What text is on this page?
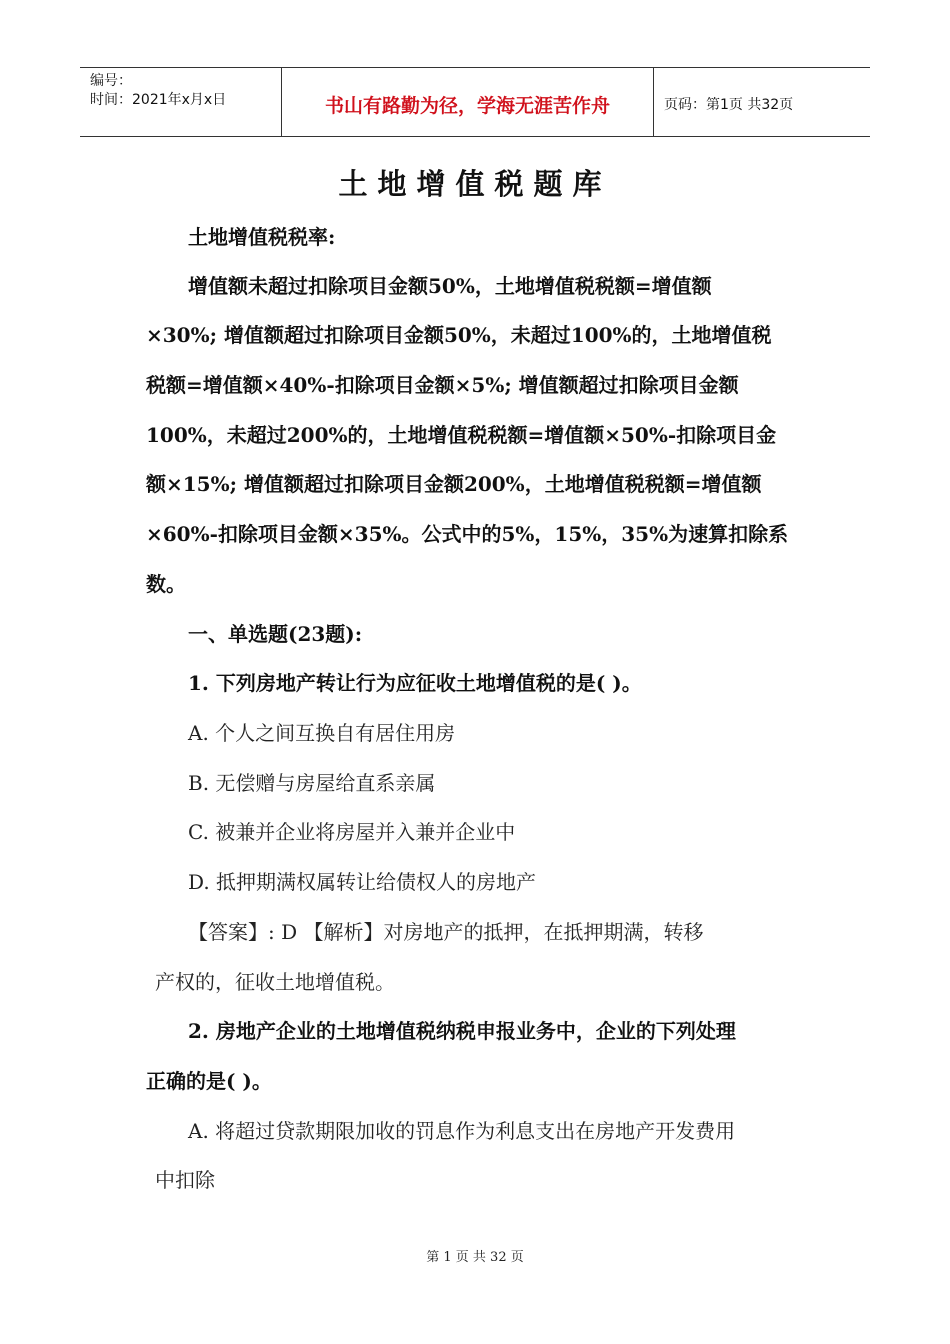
编号：
时间：2021年x月x日	书山有路勤为径，学海无涯苦作舟	页码：第1页 共32页
土地增值税题库
土地增值税税率:
增值额未超过扣除项目金额50%，土地增值税税额=增值额
×30%; 增值额超过扣除项目金额50%，未超过100%的，土地增值税
税额=增值额×40%-扣除项目金额×5%; 增值额超过扣除项目金额
100%，未超过200%的，土地增值税税额=增值额×50%-扣除项目金
额×15%; 增值额超过扣除项目金额200%，土地增值税税额=增值额
×60%-扣除项目金额×35%。公式中的5%，15%，35%为速算扣除系
数。
一、单选题(23题):
1. 下列房地产转让行为应征收土地增值税的是( )。
A. 个人之间互换自有居住用房
B. 无偿赠与房屋给直系亲属
C. 被兼并企业将房屋并入兼并企业中
D. 抵押期满权属转让给债权人的房地产
【答案】: D 【解析】对房地产的抵押，在抵押期满，转移
产权的，征收土地增值税。
2. 房地产企业的土地增值税纳税申报业务中，企业的下列处理
正确的是( )。
A. 将超过贷款期限加收的罚息作为利息支出在房地产开发费用
中扣除
第 1 页 共 32 页
